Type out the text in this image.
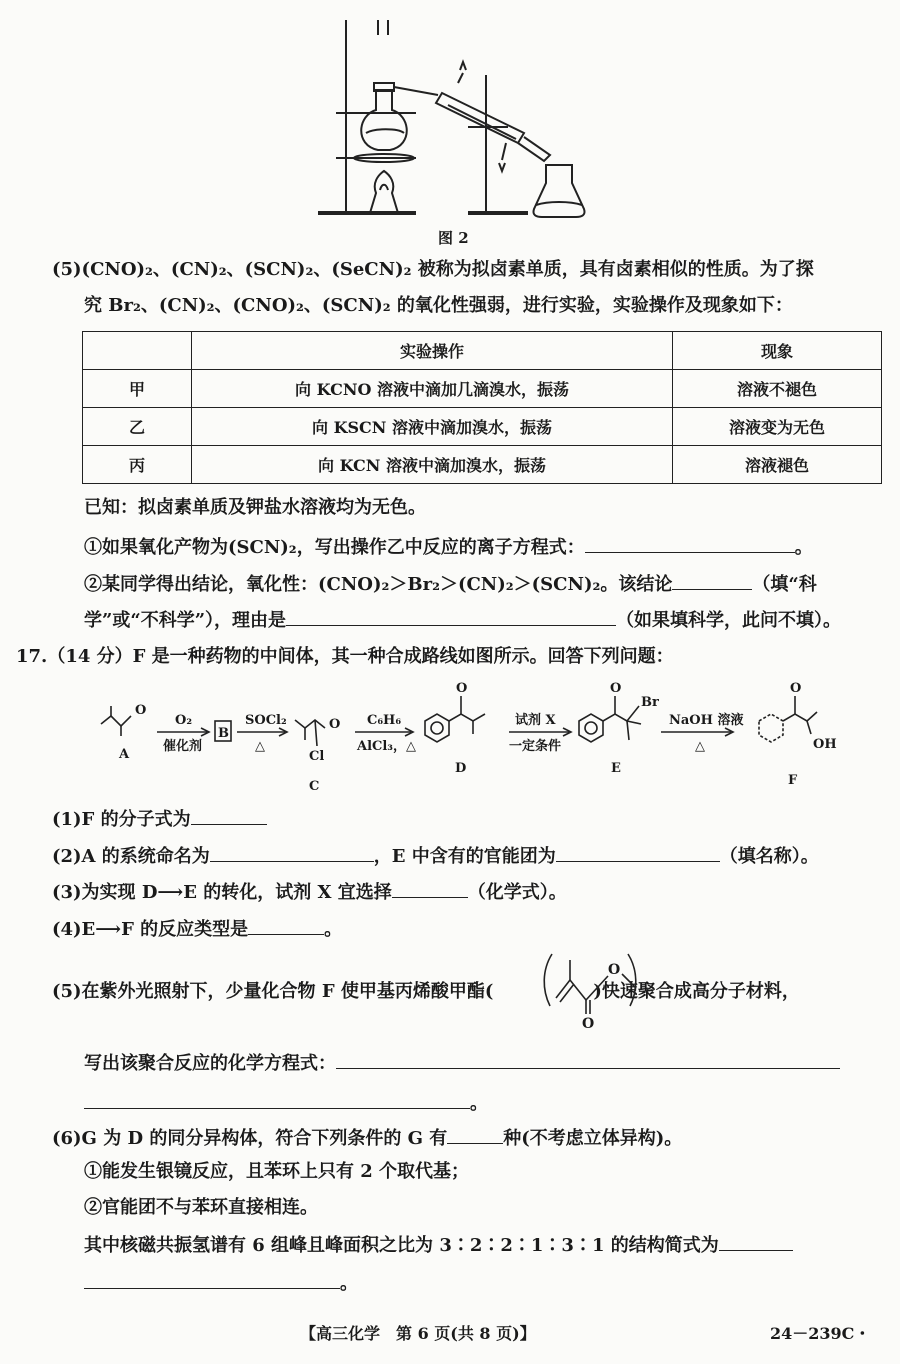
图 2
(5)(CNO)₂、(CN)₂、(SCN)₂、(SeCN)₂ 被称为拟卤素单质，具有卤素相似的性质。为了探
究 Br₂、(CN)₂、(CNO)₂、(SCN)₂ 的氧化性强弱，进行实验，实验操作及现象如下：
	实验操作	现象
甲	向 KCNO 溶液中滴加几滴溴水，振荡	溶液不褪色
乙	向 KSCN 溶液中滴加溴水，振荡	溶液变为无色
丙	向 KCN 溶液中滴加溴水，振荡	溶液褪色
已知：拟卤素单质及钾盐水溶液均为无色。
①如果氧化产物为(SCN)₂，写出操作乙中反应的离子方程式：	。
②某同学得出结论，氧化性：(CNO)₂＞Br₂＞(CN)₂＞(SCN)₂。该结论	（填“科
学”或“不科学”），理由是	（如果填科学，此问不填）。
17.（14 分）F 是一种药物的中间体，其一种合成路线如图所示。回答下列问题：
O
A
O₂
催化剂
B
SOCl₂
△
O
Cl
C
C₆H₆
AlCl₃，△
O
D
试剂 X
一定条件
O
Br
E
NaOH 溶液
△
O
OH
F
(1)F 的分子式为
(2)A 的系统命名为	，E 中含有的官能团为	（填名称）。
(3)为实现 D⟶E 的转化，试剂 X 宜选择	（化学式）。
(4)E⟶F 的反应类型是	。
(5)在紫外光照射下，少量化合物 F 使甲基丙烯酸甲酯(	)快速聚合成高分子材料，
O
O
写出该聚合反应的化学方程式：
。
(6)G 为 D 的同分异构体，符合下列条件的 G 有	种(不考虑立体异构)。
①能发生银镜反应，且苯环上只有 2 个取代基；
②官能团不与苯环直接相连。
其中核磁共振氢谱有 6 组峰且峰面积之比为 3∶2∶2∶1∶3∶1 的结构简式为
。
【高三化学　第 6 页(共 8 页)】	24－239C・
